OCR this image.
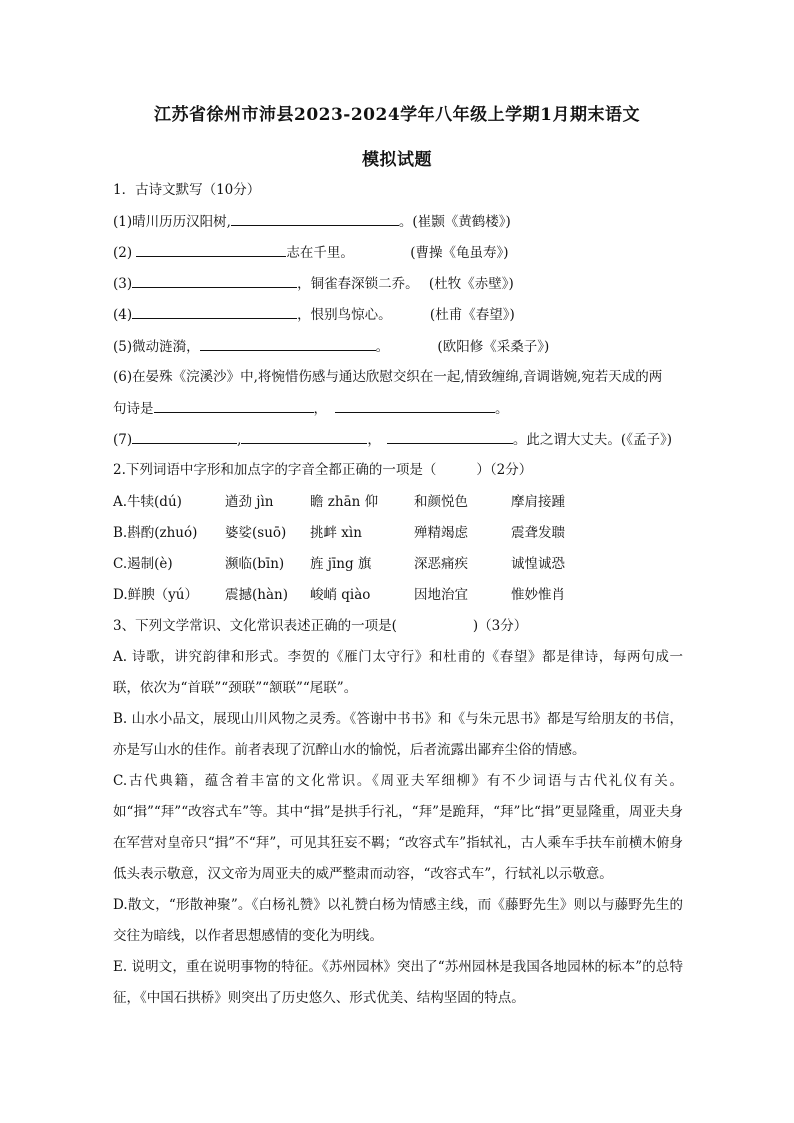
江苏省徐州市沛县2023-2024学年八年级上学期1月期末语文
模拟试题
1．古诗文默写（10分）
(1)晴川历历汉阳树,	。(崔颢《黄鹤楼》)
(2)	志在千里。	(曹操《龟虽寿》)
(3)	，铜雀春深锁二乔。 (杜牧《赤壁》)
(4)	，恨别鸟惊心。	(杜甫《春望》)
(5)微动涟漪，	。	(欧阳修《采桑子》)
(6)在晏殊《浣溪沙》中,将惋惜伤感与通达欣慰交织在一起,情致缠绵,音调谐婉,宛若天成的两
句诗是	，	。
(7)	,	，	。此之谓大丈夫。(《孟子》)
2.下列词语中字形和加点字的字音全都正确的一项是（	）（2分）
A.牛犊(dú)	遒劲 jìn	瞻 zhān 仰	和颜悦色	摩肩接踵
B.斟酌(zhuó) 婆娑(suō) 挑衅 xìn	殚精竭虑	震聋发聩
C.遏制(è)	濒临(bīn) 旌 jīng 旗	深恶痛疾	诚惶诚恐
D.鲜腴（yú） 震撼(hàn) 峻峭 qiào	因地治宜	惟妙惟肖
3、下列文学常识、文化常识表述正确的一项是(	)（3分）
A. 诗歌，讲究韵律和形式。李贺的《雁门太守行》和杜甫的《春望》都是律诗，每两句成一联，依次为“首联”“颈联”“颔联”“尾联”。
B. 山水小品文，展现山川风物之灵秀。《答谢中书书》和《与朱元思书》都是写给朋友的书信，亦是写山水的佳作。前者表现了沉醉山水的愉悦，后者流露出鄙弃尘俗的情感。
C.古代典籍，蕴含着丰富的文化常识。《周亚夫军细柳》有不少词语与古代礼仪有关。如“揖”“拜”“改容式车”等。其中“揖”是拱手行礼，“拜”是跪拜，“拜”比“揖”更显隆重，周亚夫身在军营对皇帝只“揖”不“拜”，可见其狂妄不羁；“改容式车”指轼礼，古人乘车手扶车前横木俯身低头表示敬意，汉文帝为周亚夫的威严整肃而动容，“改容式车”，行轼礼以示敬意。
D.散文，“形散神聚”。《白杨礼赞》以礼赞白杨为情感主线，而《藤野先生》则以与藤野先生的交往为暗线，以作者思想感情的变化为明线。
E. 说明文，重在说明事物的特征。《苏州园林》突出了“苏州园林是我国各地园林的标本”的总特征，《中国石拱桥》则突出了历史悠久、形式优美、结构坚固的特点。
